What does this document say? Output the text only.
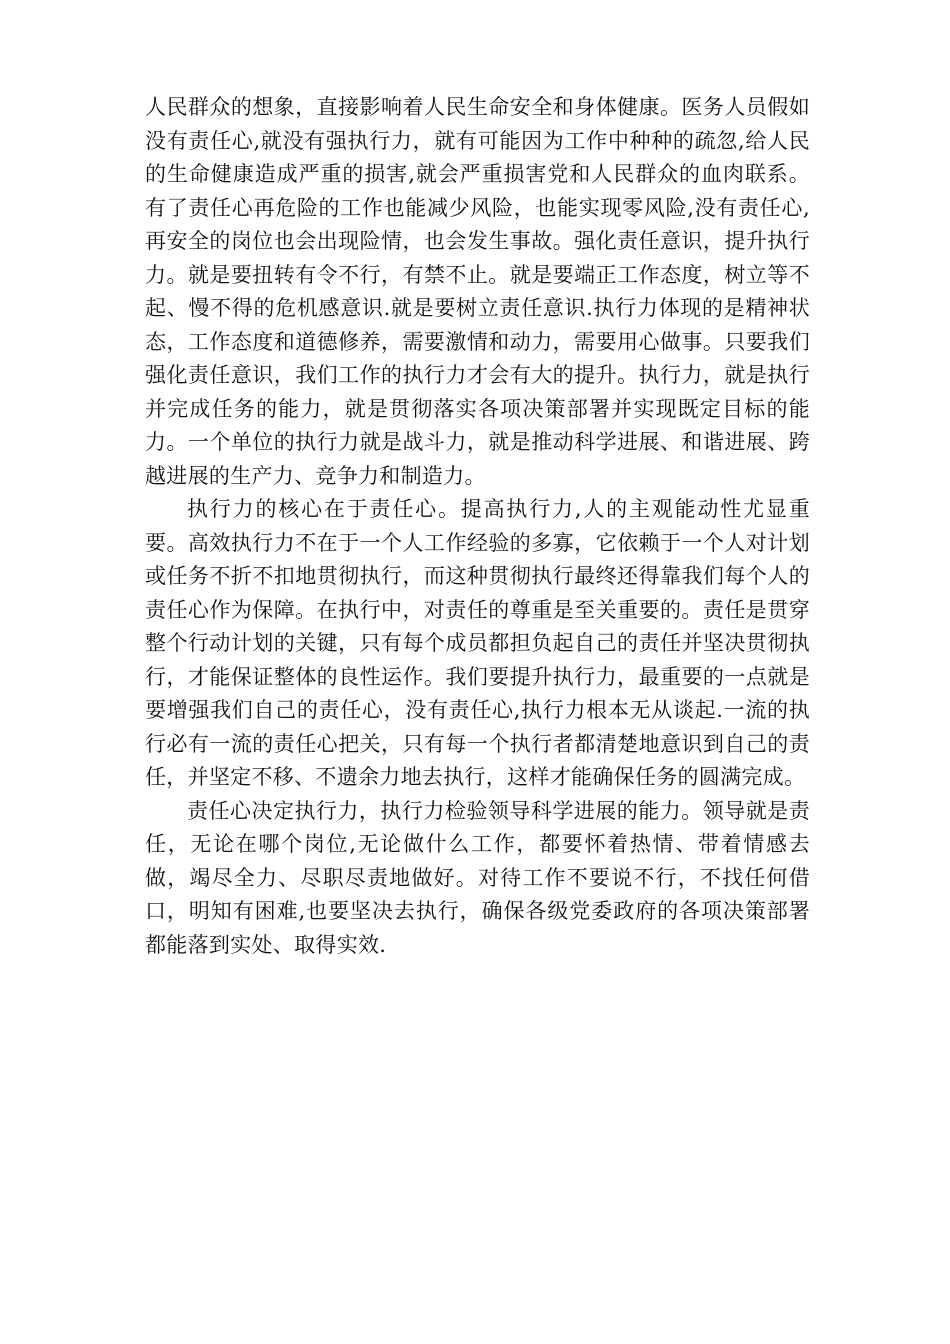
人民群众的想象，直接影响着人民生命安全和身体健康。医务人员假如没有责任心,就没有强执行力，就有可能因为工作中种种的疏忽,给人民的生命健康造成严重的损害,就会严重损害党和人民群众的血肉联系。 有了责任心再危险的工作也能减少风险，也能实现零风险,没有责任心,再安全的岗位也会出现险情，也会发生事故。强化责任意识，提升执行力。就是要扭转有令不行，有禁不止。就是要端正工作态度，树立等不起、慢不得的危机感意识.就是要树立责任意识.执行力体现的是精神状态，工作态度和道德修养，需要激情和动力，需要用心做事。只要我们强化责任意识，我们工作的执行力才会有大的提升。执行力，就是执行并完成任务的能力，就是贯彻落实各项决策部署并实现既定目标的能力。一个单位的执行力就是战斗力，就是推动科学进展、和谐进展、跨越进展的生产力、竞争力和制造力。

执行力的核心在于责任心。提高执行力,人的主观能动性尤显重要。高效执行力不在于一个人工作经验的多寡，它依赖于一个人对计划或任务不折不扣地贯彻执行，而这种贯彻执行最终还得靠我们每个人的责任心作为保障。在执行中，对责任的尊重是至关重要的。责任是贯穿整个行动计划的关键，只有每个成员都担负起自己的责任并坚决贯彻执行，才能保证整体的良性运作。我们要提升执行力，最重要的一点就是要增强我们自己的责任心，没有责任心,执行力根本无从谈起.一流的执行必有一流的责任心把关，只有每一个执行者都清楚地意识到自己的责任，并坚定不移、不遗余力地去执行，这样才能确保任务的圆满完成。

责任心决定执行力，执行力检验领导科学进展的能力。领导就是责任，无论在哪个岗位,无论做什么工作，都要怀着热情、带着情感去做，竭尽全力、尽职尽责地做好。对待工作不要说不行，不找任何借口，明知有困难,也要坚决去执行，确保各级党委政府的各项决策部署都能落到实处、取得实效.
